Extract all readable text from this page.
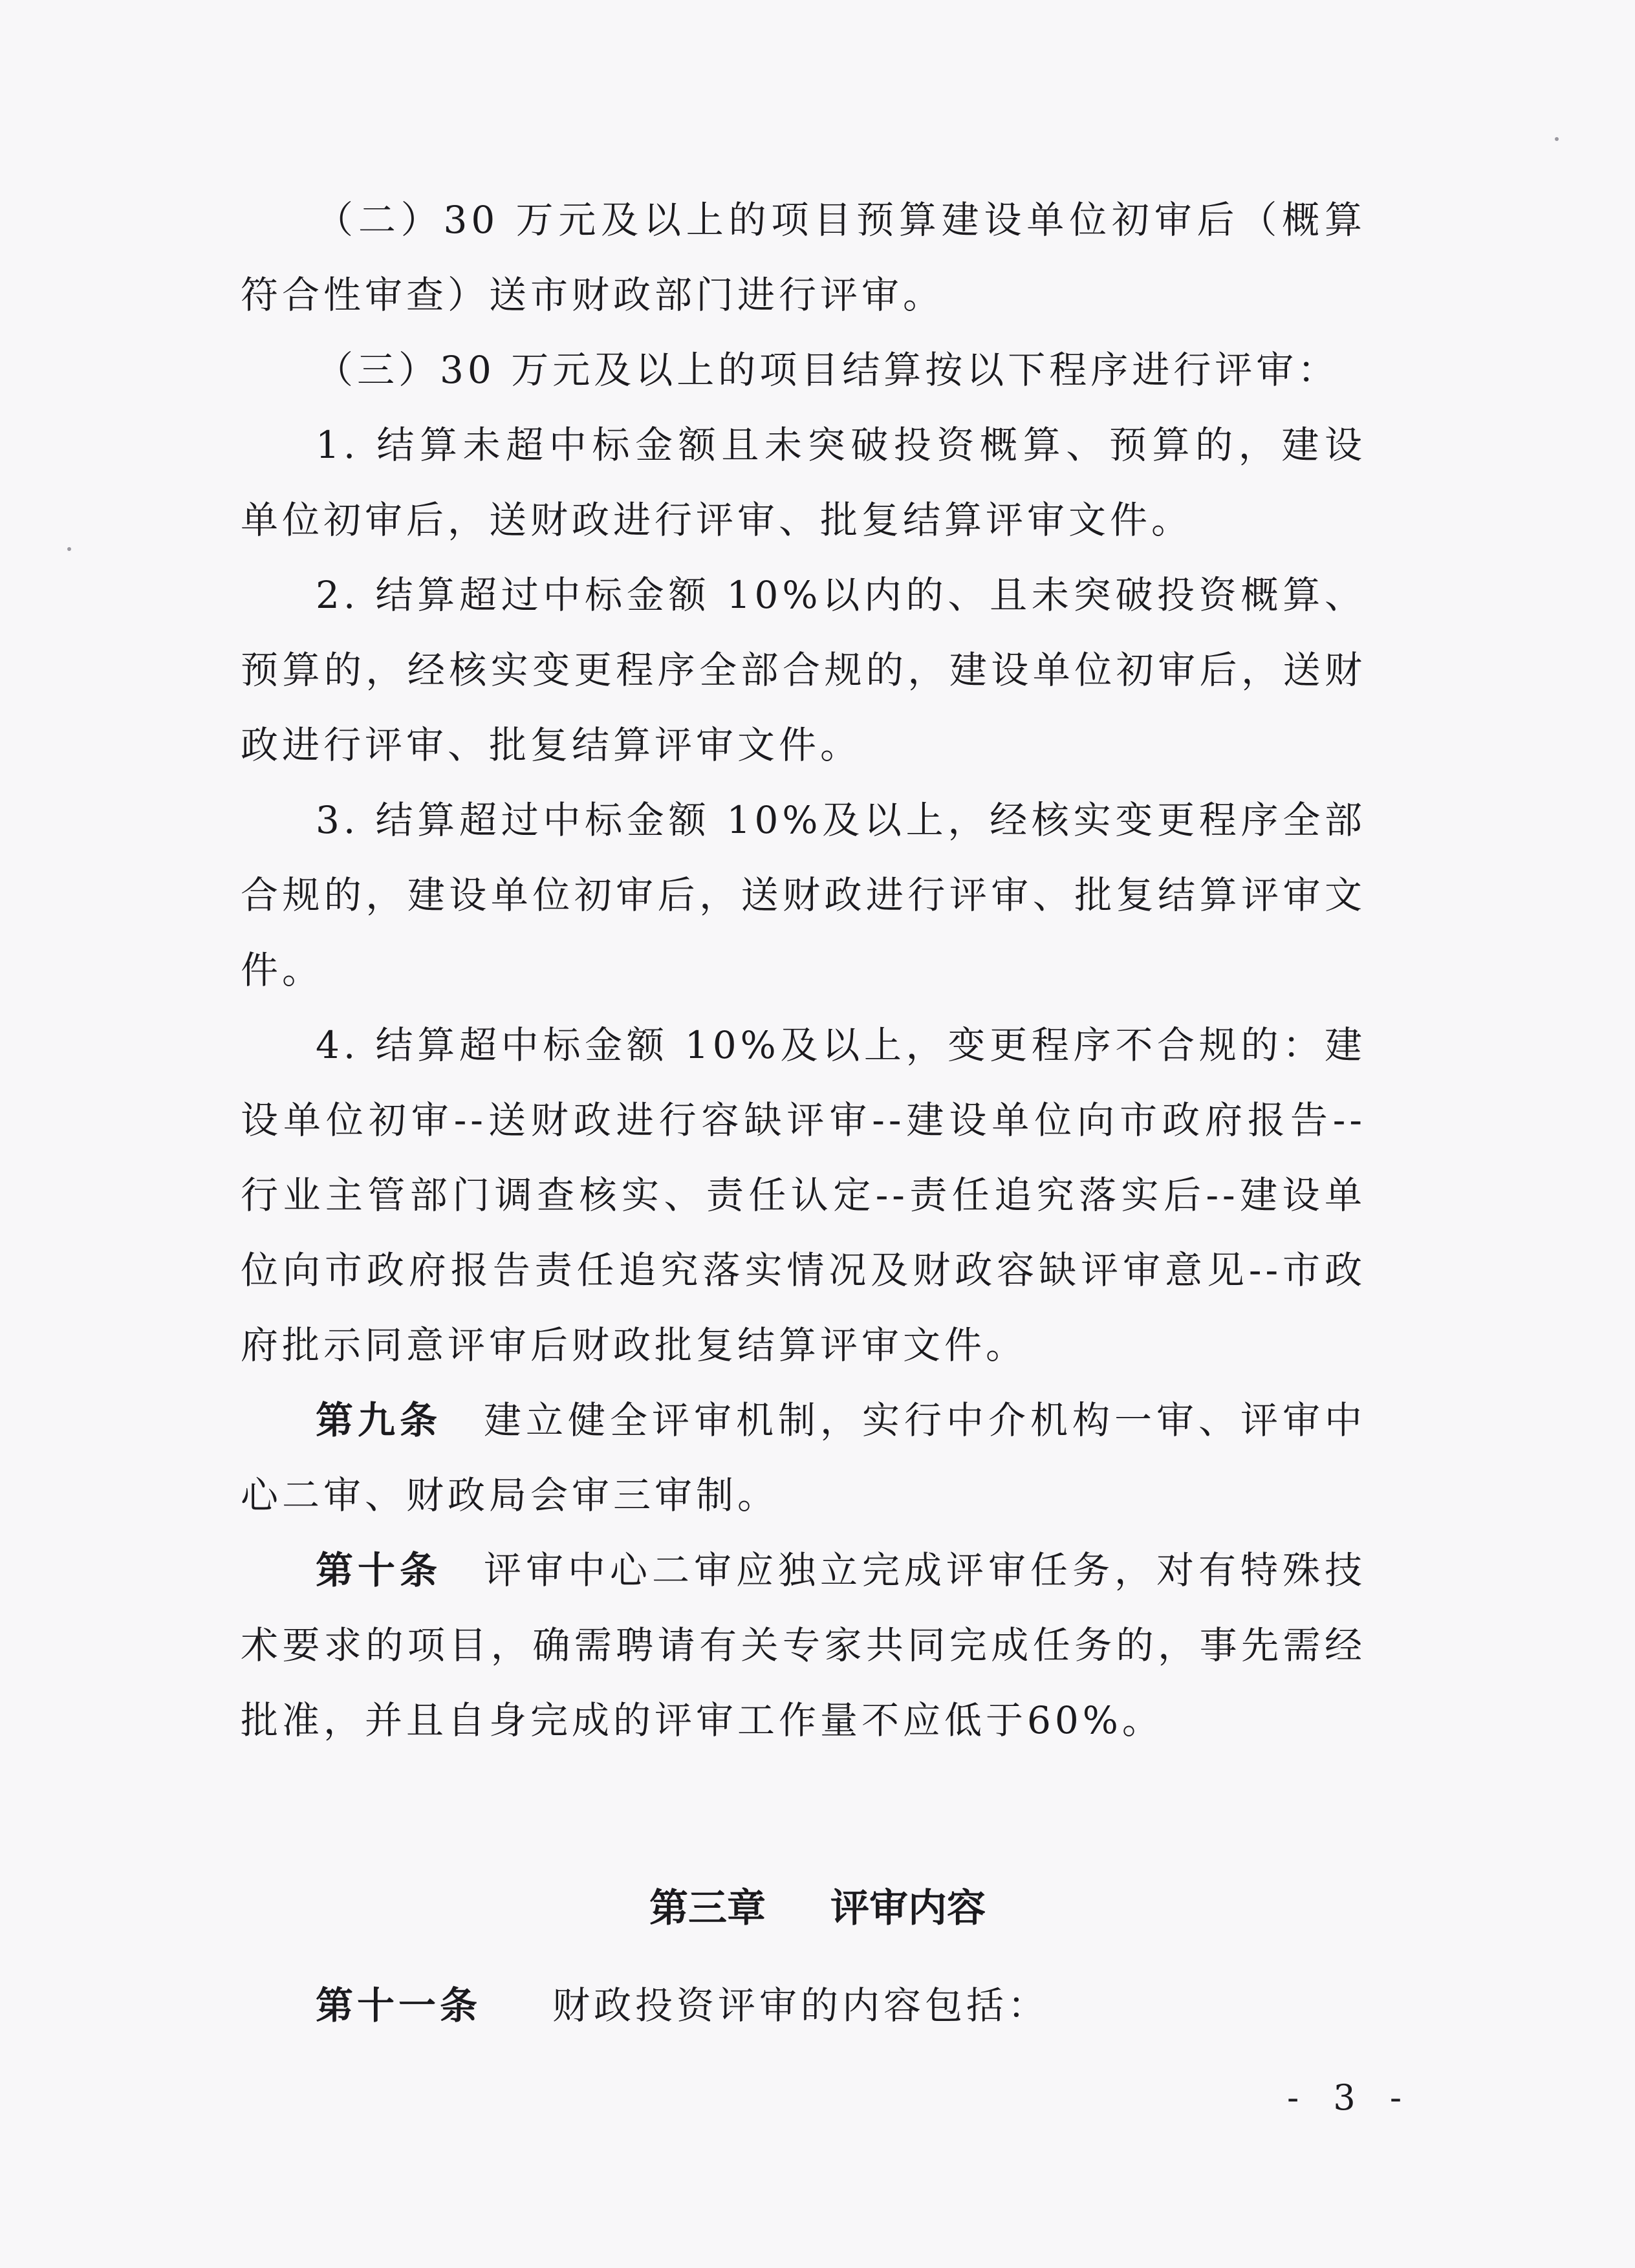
（二）30 万元及以上的项目预算建设单位初审后（概算符合性审查）送市财政部门进行评审。

（三）30 万元及以上的项目结算按以下程序进行评审：

1. 结算未超中标金额且未突破投资概算、预算的，建设单位初审后，送财政进行评审、批复结算评审文件。

2. 结算超过中标金额 10%以内的、且未突破投资概算、预算的，经核实变更程序全部合规的，建设单位初审后，送财政进行评审、批复结算评审文件。

3. 结算超过中标金额 10%及以上，经核实变更程序全部合规的，建设单位初审后，送财政进行评审、批复结算评审文件。

4. 结算超中标金额 10%及以上，变更程序不合规的：建设单位初审--送财政进行容缺评审--建设单位向市政府报告--行业主管部门调查核实、责任认定--责任追究落实后--建设单位向市政府报告责任追究落实情况及财政容缺评审意见--市政府批示同意评审后财政批复结算评审文件。

第九条 建立健全评审机制，实行中介机构一审、评审中心二审、财政局会审三审制。

第十条 评审中心二审应独立完成评审任务，对有特殊技术要求的项目，确需聘请有关专家共同完成任务的，事先需经批准，并且自身完成的评审工作量不应低于60%。

第三章 评审内容
第十一条 财政投资评审的内容包括：
- 3 -
